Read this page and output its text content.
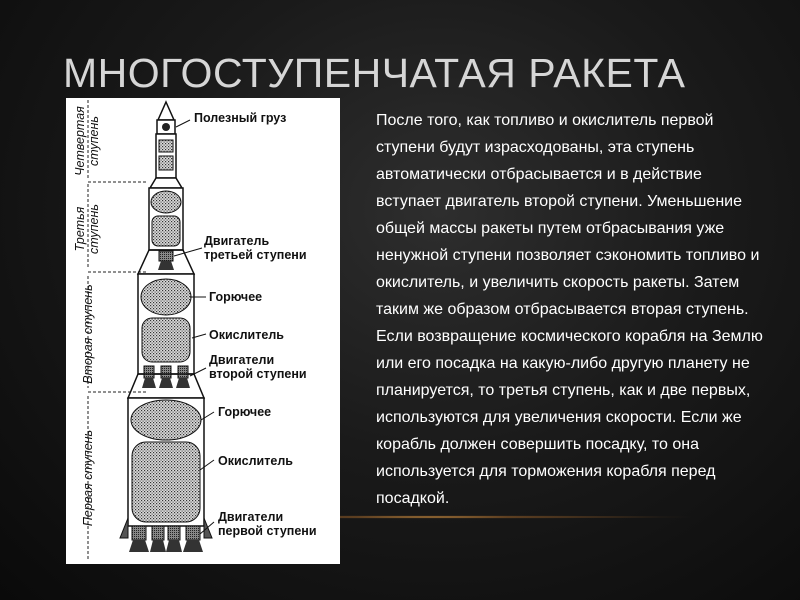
МНОГОСТУПЕНЧАТАЯ РАКЕТА
Полезный груз
Двигатель
третьей ступени
Горючее
Окислитель
Двигатели
второй ступени
Горючее
Окислитель
Двигатели
первой ступени
Четвертая ступень
Третья ступень
Вторая ступень
Первая ступень
После того, как топливо и окислитель первой ступени будут израсходованы, эта ступень автоматически отбрасывается и в действие вступает двигатель второй ступени. Уменьшение общей массы ракеты путем отбрасывания уже ненужной ступени позволяет сэкономить топливо и окислитель, и увеличить скорость ракеты. Затем таким же образом отбрасывается вторая ступень. Если возвращение космического корабля на Землю или его посадка на какую-либо другую планету не планируется, то третья ступень, как и две первых, используются для увеличения скорости. Если же корабль должен совершить посадку, то она используется для торможения корабля перед посадкой.
